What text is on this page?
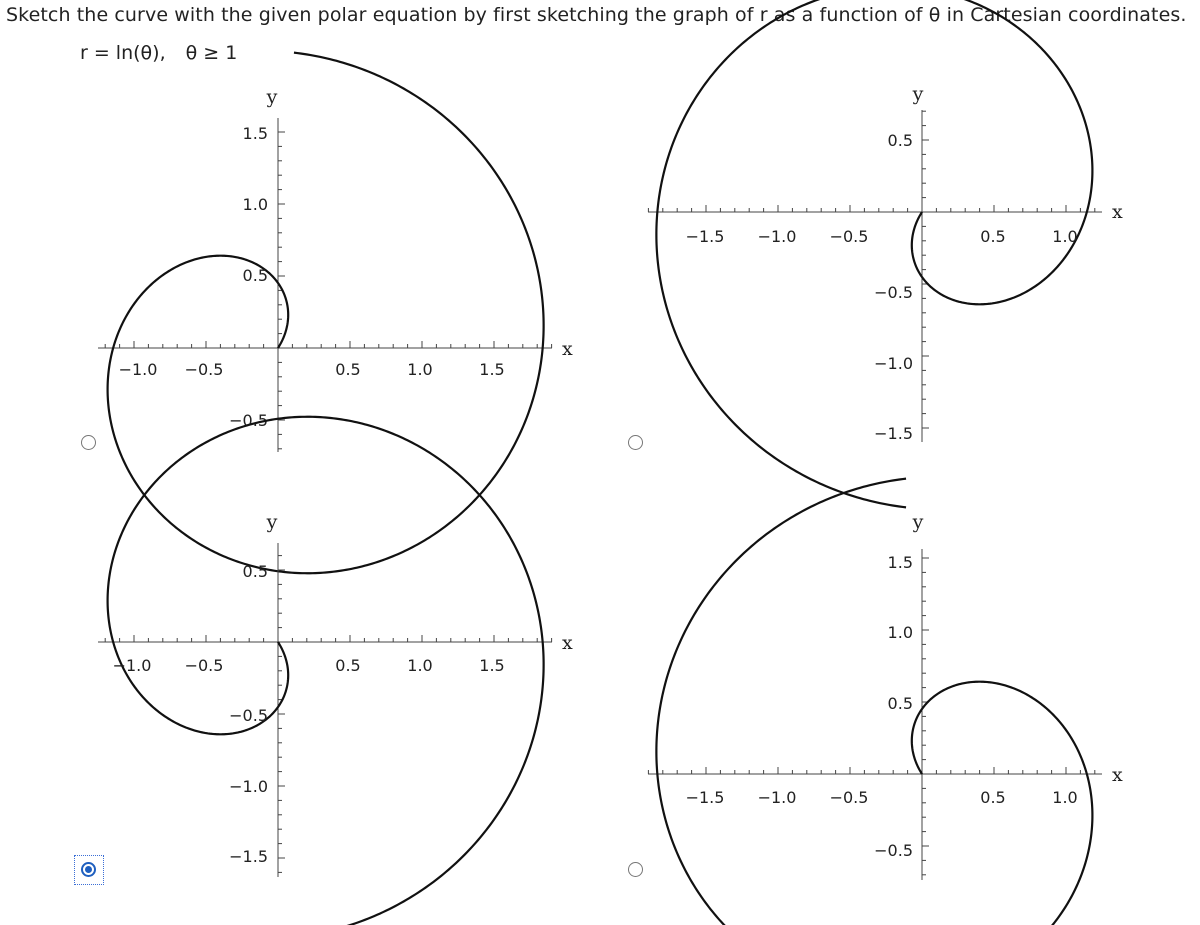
Sketch the curve with the given polar equation by first sketching the graph of r as a function of θ in Cartesian coordinates.
r = ln(θ), θ ≥ 1
−1.0 −0.5	0.5	1.0	1.5
1.5
1.0
0.5
−0.5
x
y
−1.5 −1.0 −0.5	0.5	1.0
0.5
−0.5
−1.0
−1.5
x
y
−1.0 −0.5	0.5	1.0	1.5
0.5
−0.5
−1.0
−1.5
x
y
−1.5 −1.0 −0.5	0.5	1.0
1.5
1.0
0.5
−0.5
x
y
